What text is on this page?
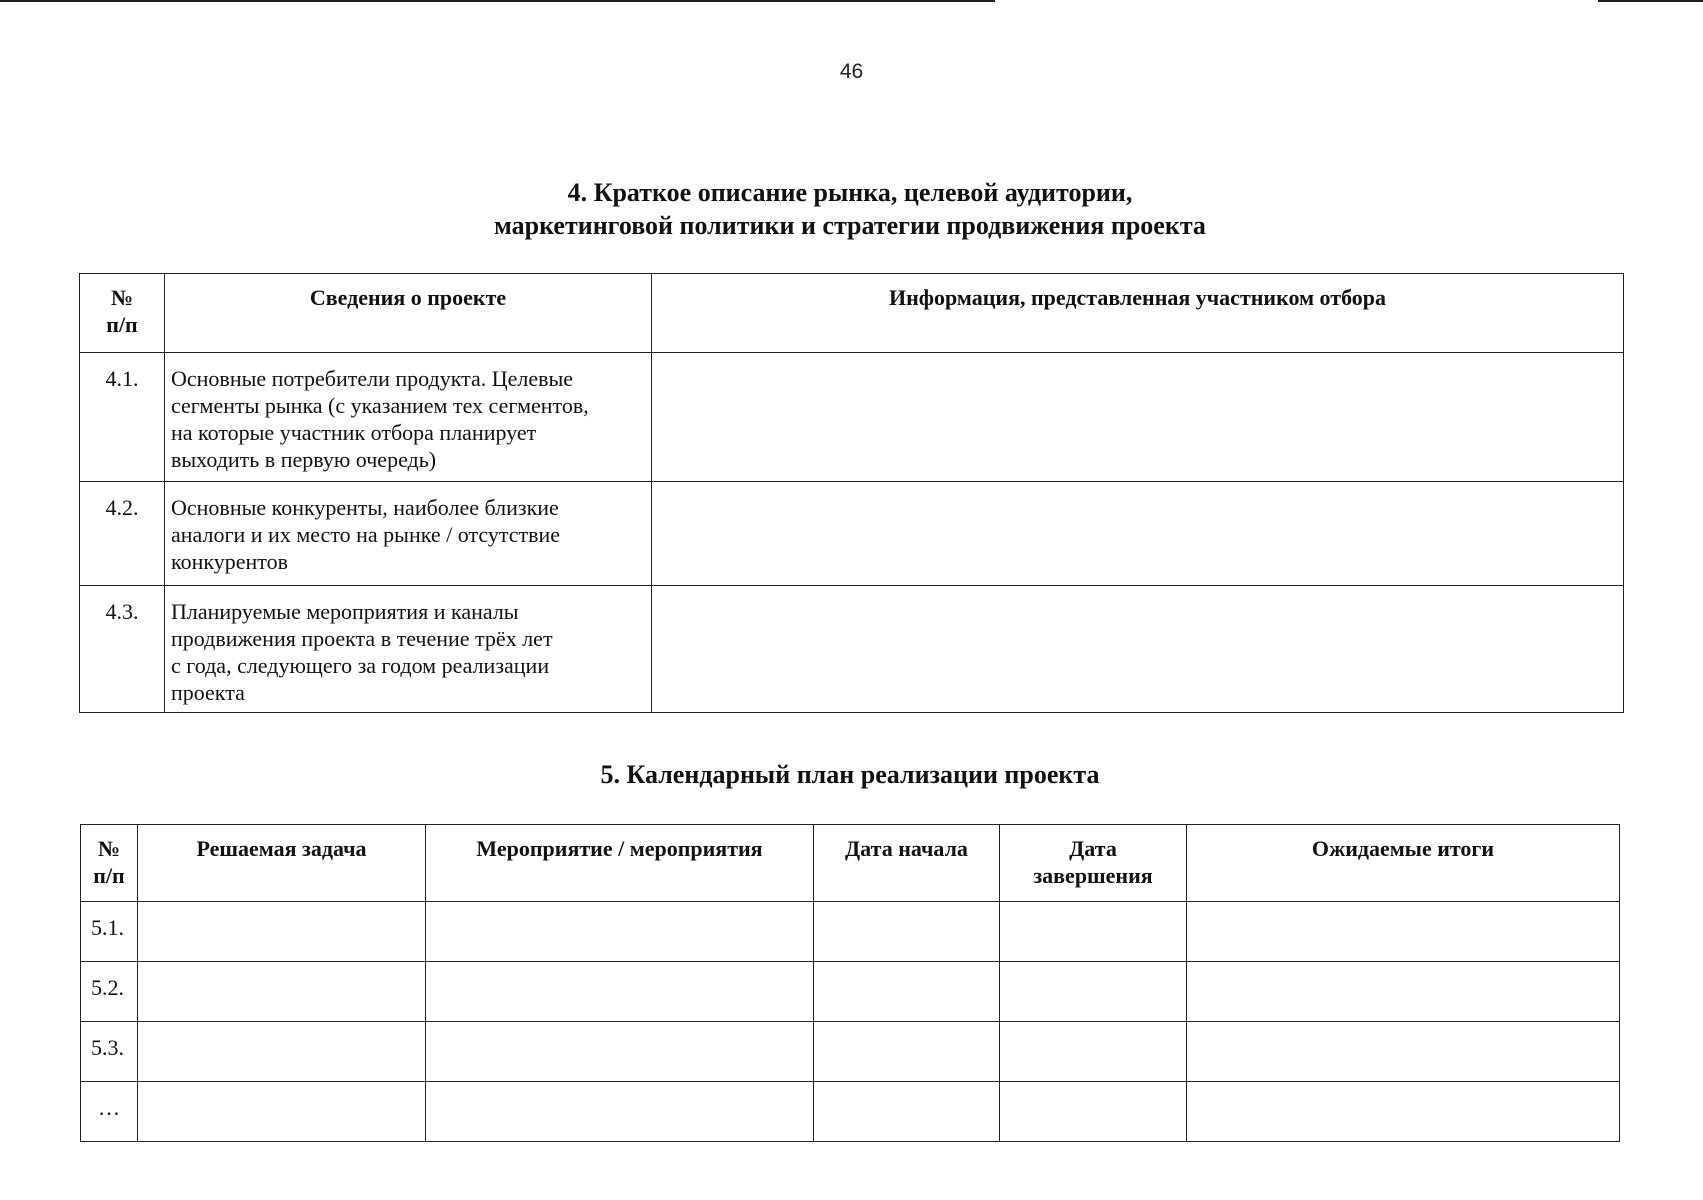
46
4. Краткое описание рынка, целевой аудитории,
маркетинговой политики и стратегии продвижения проекта
№
п/п	Сведения о проекте	Информация, представленная участником отбора
4.1.	Основные потребители продукта. Целевые
сегменты рынка (с указанием тех сегментов,
на которые участник отбора планирует
выходить в первую очередь)	

4.2.	Основные конкуренты, наиболее близкие
аналоги и их место на рынке / отсутствие
конкурентов	

4.3.	Планируемые мероприятия и каналы
продвижения проекта в течение трёх лет
с года, следующего за годом реализации
проекта	

5. Календарный план реализации проекта
№
п/п	Решаемая задача	Мероприятие / мероприятия	Дата начала	Дата
завершения	Ожидаемые итоги
5.1.					
5.2.					
5.3.					
…					
